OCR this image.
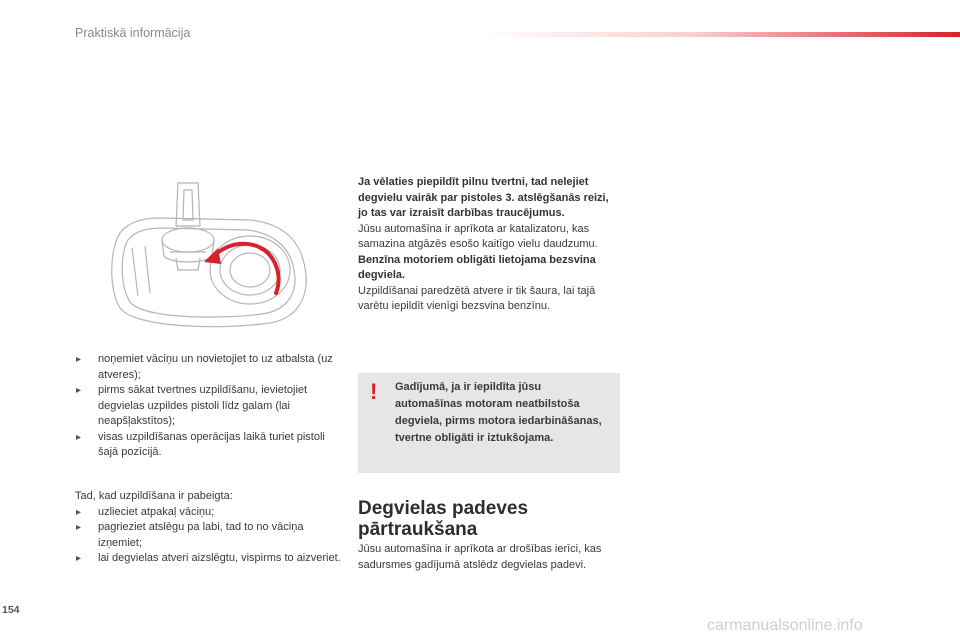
Praktiskā informācija
▸ noņemiet vāciņu un novietojiet to uz atbalsta (uz atveres);
▸ pirms sākat tvertnes uzpildīšanu, ievietojiet degvielas uzpildes pistoli līdz galam (lai neapšļakstītos);
▸ visas uzpildīšanas operācijas laikā turiet pistoli šajā pozīcijā.

Tad, kad uzpildīšana ir pabeigta:

▸ uzlieciet atpakaļ vāciņu;
▸ pagrieziet atslēgu pa labi, tad to no vāciņa izņemiet;
▸ lai degvielas atveri aizslēgtu, vispirms to aizveriet.

Ja vēlaties piepildīt pilnu tvertni, tad nelejiet degvielu vairāk par pistoles 3. atslēgšanās reizi, jo tas var izraisīt darbības traucējumus.

Jūsu automašīna ir aprīkota ar katalizatoru, kas samazina atgāzēs esošo kaitīgo vielu daudzumu.

Benzīna motoriem obligāti lietojama bezsvina degviela.

Uzpildīšanai paredzētā atvere ir tik šaura, lai tajā varētu iepildīt vienīgi bezsvina benzīnu.

! Gadījumā, ja ir iepildīta jūsu automašīnas motoram neatbilstoša degviela, pirms motora iedarbināšanas, tvertne obligāti ir iztukšojama.
Degvielas padeves pārtraukšana

Jūsu automašīna ir aprīkota ar drošības ierīci, kas sadursmes gadījumā atslēdz degvielas padevi.

154
carmanualsonline.info
